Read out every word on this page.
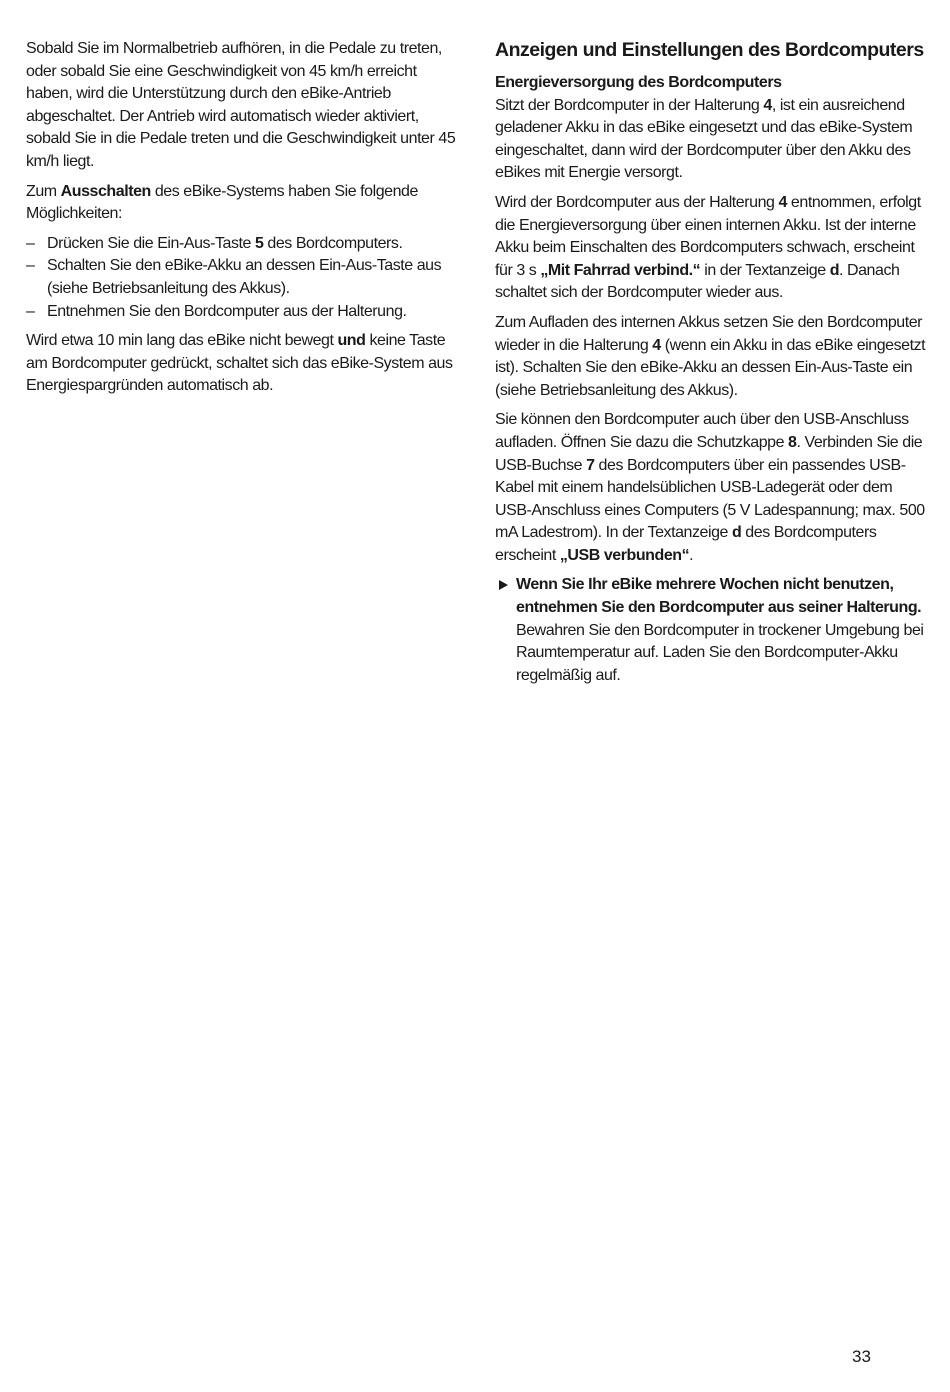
Sobald Sie im Normalbetrieb aufhören, in die Pedale zu treten, oder sobald Sie eine Geschwindigkeit von 45 km/h erreicht haben, wird die Unterstützung durch den eBike-Antrieb abgeschaltet. Der Antrieb wird automatisch wieder aktiviert, sobald Sie in die Pedale treten und die Geschwindigkeit unter 45 km/h liegt.

Zum Ausschalten des eBike-Systems haben Sie folgende Möglichkeiten:

– Drücken Sie die Ein-Aus-Taste 5 des Bordcomputers.
– Schalten Sie den eBike-Akku an dessen Ein-Aus-Taste aus (siehe Betriebsanleitung des Akkus).
– Entnehmen Sie den Bordcomputer aus der Halterung.

Wird etwa 10 min lang das eBike nicht bewegt und keine Taste am Bordcomputer gedrückt, schaltet sich das eBike-System aus Energiespargründen automatisch ab.

Anzeigen und Einstellungen des Bordcomputers
Energieversorgung des Bordcomputers

Sitzt der Bordcomputer in der Halterung 4, ist ein ausreichend geladener Akku in das eBike eingesetzt und das eBike-System eingeschaltet, dann wird der Bordcomputer über den Akku des eBikes mit Energie versorgt.

Wird der Bordcomputer aus der Halterung 4 entnommen, erfolgt die Energieversorgung über einen internen Akku. Ist der interne Akku beim Einschalten des Bordcomputers schwach, erscheint für 3 s „Mit Fahrrad verbind.“ in der Textanzeige d. Danach schaltet sich der Bordcomputer wieder aus.

Zum Aufladen des internen Akkus setzen Sie den Bordcomputer wieder in die Halterung 4 (wenn ein Akku in das eBike eingesetzt ist). Schalten Sie den eBike-Akku an dessen Ein-Aus-Taste ein (siehe Betriebsanleitung des Akkus).

Sie können den Bordcomputer auch über den USB-Anschluss aufladen. Öffnen Sie dazu die Schutzkappe 8. Verbinden Sie die USB-Buchse 7 des Bordcomputers über ein passendes USB-Kabel mit einem handelsüblichen USB-Ladegerät oder dem USB-Anschluss eines Computers (5 V Ladespannung; max. 500 mA Ladestrom). In der Textanzeige d des Bordcomputers erscheint „USB verbunden“.

Wenn Sie Ihr eBike mehrere Wochen nicht benutzen, entnehmen Sie den Bordcomputer aus seiner Halterung. Bewahren Sie den Bordcomputer in trockener Umgebung bei Raumtemperatur auf. Laden Sie den Bordcomputer-Akku regelmäßig auf.
33
